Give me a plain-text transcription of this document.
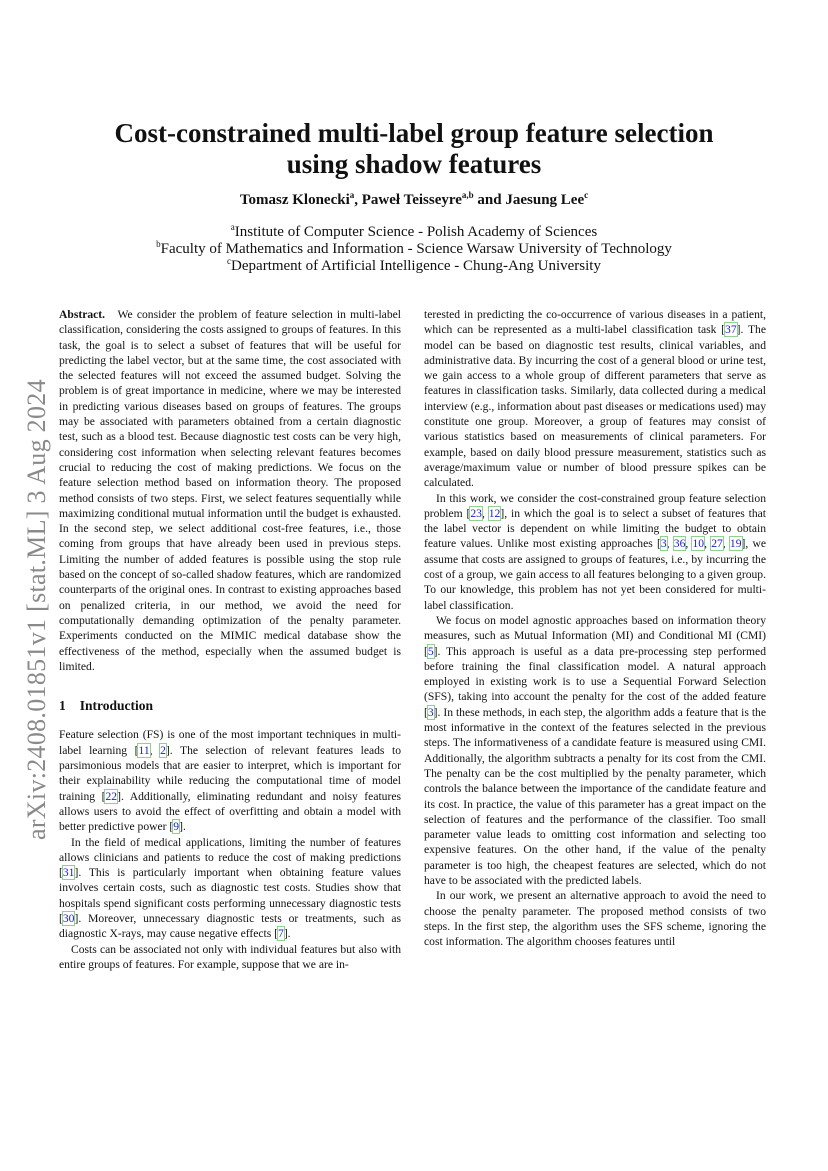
arXiv:2408.01851v1 [stat.ML] 3 Aug 2024
Cost-constrained multi-label group feature selection
using shadow features
Tomasz Klonecki$^a$, Paweł Teisseyre$^{a,b}$ and Jaesung Lee$^c$
$^a$Institute of Computer Science - Polish Academy of Sciences
$^b$Faculty of Mathematics and Information - Science Warsaw University of Technology
$^c$Department of Artificial Intelligence - Chung-Ang University

Abstract. We consider the problem of feature selection in multi-label classification, considering the costs assigned to groups of features. In this task, the goal is to select a subset of features that will be useful for predicting the label vector, but at the same time, the cost associated with the selected features will not exceed the assumed budget. Solving the problem is of great importance in medicine, where we may be interested in predicting various diseases based on groups of features. The groups may be associated with parameters obtained from a certain diagnostic test, such as a blood test. Because diagnostic test costs can be very high, considering cost information when selecting relevant features becomes crucial to reducing the cost of making predictions. We focus on the feature selection method based on information theory. The proposed method consists of two steps. First, we select features sequentially while maximizing conditional mutual information until the budget is exhausted. In the second step, we select additional cost-free features, i.e., those coming from groups that have already been used in previous steps. Limiting the number of added features is possible using the stop rule based on the concept of so-called shadow features, which are randomized counterparts of the original ones. In contrast to existing approaches based on penalized criteria, in our method, we avoid the need for computationally demanding optimization of the penalty parameter. Experiments conducted on the MIMIC medical database show the effectiveness of the method, especially when the assumed budget is limited.

1 Introduction

Feature selection (FS) is one of the most important techniques in multi-label learning [11, 2]. The selection of relevant features leads to parsimonious models that are easier to interpret, which is important for their explainability while reducing the computational time of model training [22]. Additionally, eliminating redundant and noisy features allows users to avoid the effect of overfitting and obtain a model with better predictive power [9].

In the field of medical applications, limiting the number of features allows clinicians and patients to reduce the cost of making predictions [31]. This is particularly important when obtaining feature values involves certain costs, such as diagnostic test costs. Studies show that hospitals spend significant costs performing unnecessary diagnostic tests [30]. Moreover, unnecessary diagnostic tests or treatments, such as diagnostic X-rays, may cause negative effects [7].

Costs can be associated not only with individual features but also with entire groups of features. For example, suppose that we are in-

terested in predicting the co-occurrence of various diseases in a patient, which can be represented as a multi-label classification task [37]. The model can be based on diagnostic test results, clinical variables, and administrative data. By incurring the cost of a general blood or urine test, we gain access to a whole group of different parameters that serve as features in classification tasks. Similarly, data collected during a medical interview (e.g., information about past diseases or medications used) may constitute one group. Moreover, a group of features may consist of various statistics based on measurements of clinical parameters. For example, based on daily blood pressure measurement, statistics such as average/maximum value or number of blood pressure spikes can be calculated.

In this work, we consider the cost-constrained group feature selection problem [23, 12], in which the goal is to select a subset of features that the label vector is dependent on while limiting the budget to obtain feature values. Unlike most existing approaches [3, 36, 10, 27, 19], we assume that costs are assigned to groups of features, i.e., by incurring the cost of a group, we gain access to all features belonging to a given group. To our knowledge, this problem has not yet been considered for multi-label classification.

We focus on model agnostic approaches based on information theory measures, such as Mutual Information (MI) and Conditional MI (CMI) [5]. This approach is useful as a data pre-processing step performed before training the final classification model. A natural approach employed in existing work is to use a Sequential Forward Selection (SFS), taking into account the penalty for the cost of the added feature [3]. In these methods, in each step, the algorithm adds a feature that is the most informative in the context of the features selected in the previous steps. The informativeness of a candidate feature is measured using CMI. Additionally, the algorithm subtracts a penalty for its cost from the CMI. The penalty can be the cost multiplied by the penalty parameter, which controls the balance between the importance of the candidate feature and its cost. In practice, the value of this parameter has a great impact on the selection of features and the performance of the classifier. Too small parameter value leads to omitting cost information and selecting too expensive features. On the other hand, if the value of the penalty parameter is too high, the cheapest features are selected, which do not have to be associated with the predicted labels.

In our work, we present an alternative approach to avoid the need to choose the penalty parameter. The proposed method consists of two steps. In the first step, the algorithm uses the SFS scheme, ignoring the cost information. The algorithm chooses features until
